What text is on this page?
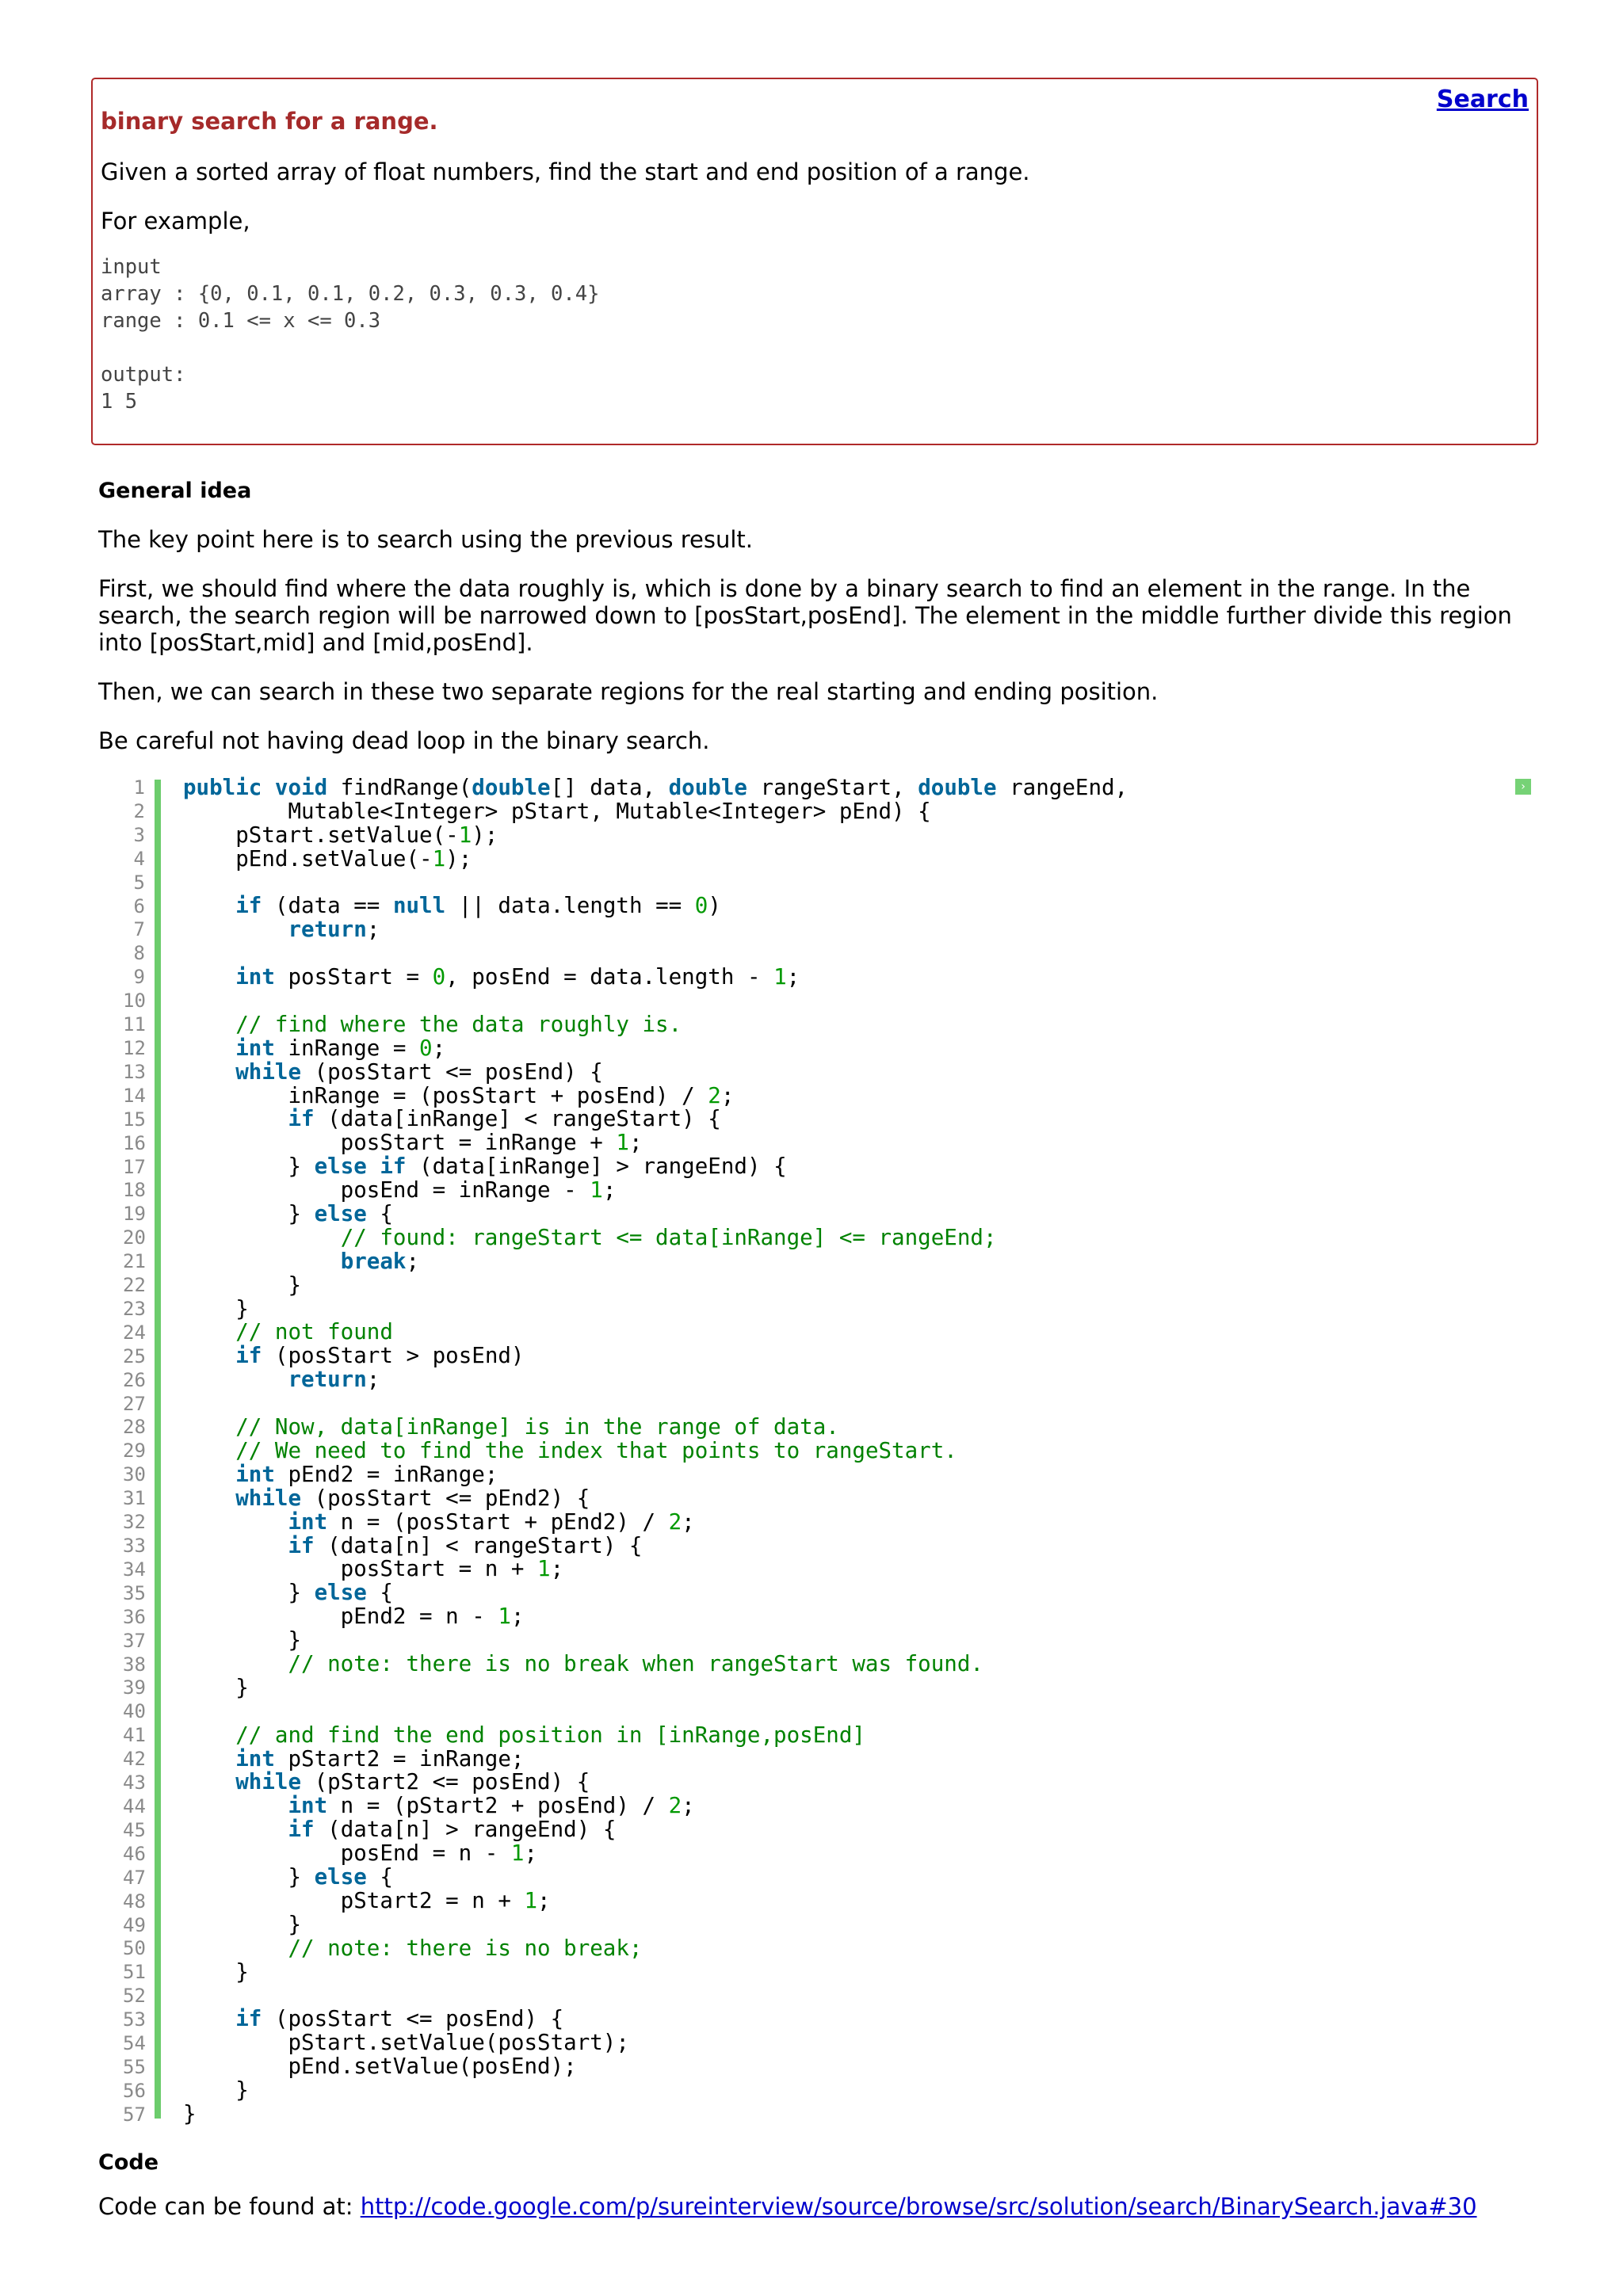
Search
binary search for a range.
Given a sorted array of float numbers, find the start and end position of a range.
For example,
input
array : {0, 0.1, 0.1, 0.2, 0.3, 0.3, 0.4}
range : 0.1 <= x <= 0.3

output:
1 5
General idea
The key point here is to search using the previous result.
First, we should find where the data roughly is, which is done by a binary search to find an element in the range. In the search, the search region will be narrowed down to [posStart,posEnd]. The element in the middle further divide this region into [posStart,mid] and [mid,posEnd].
Then, we can search in these two separate regions for the real starting and ending position.
Be careful not having dead loop in the binary search.
1
2
3
4
5
6
7
8
9
10
11
12
13
14
15
16
17
18
19
20
21
22
23
24
25
26
27
28
29
30
31
32
33
34
35
36
37
38
39
40
41
42
43
44
45
46
47
48
49
50
51
52
53
54
55
56
57
public void findRange(double[] data, double rangeStart, double rangeEnd,
Mutable<Integer> pStart, Mutable<Integer> pEnd) {
pStart.setValue(-1);
pEnd.setValue(-1);

if (data == null || data.length == 0)
return;

int posStart = 0, posEnd = data.length - 1;

// find where the data roughly is.
int inRange = 0;
while (posStart <= posEnd) {
inRange = (posStart + posEnd) / 2;
if (data[inRange] < rangeStart) {
posStart = inRange + 1;
} else if (data[inRange] > rangeEnd) {
posEnd = inRange - 1;
} else {
// found: rangeStart <= data[inRange] <= rangeEnd;
break;
}
}
// not found
if (posStart > posEnd)
return;

// Now, data[inRange] is in the range of data.
// We need to find the index that points to rangeStart.
int pEnd2 = inRange;
while (posStart <= pEnd2) {
int n = (posStart + pEnd2) / 2;
if (data[n] < rangeStart) {
posStart = n + 1;
} else {
pEnd2 = n - 1;
}
// note: there is no break when rangeStart was found.
}

// and find the end position in [inRange,posEnd]
int pStart2 = inRange;
while (pStart2 <= posEnd) {
int n = (pStart2 + posEnd) / 2;
if (data[n] > rangeEnd) {
posEnd = n - 1;
} else {
pStart2 = n + 1;
}
// note: there is no break;
}

if (posStart <= posEnd) {
pStart.setValue(posStart);
pEnd.setValue(posEnd);
}
}
›
Code
Code can be found at: http://code.google.com/p/sureinterview/source/browse/src/solution/search/BinarySearch.java#30
